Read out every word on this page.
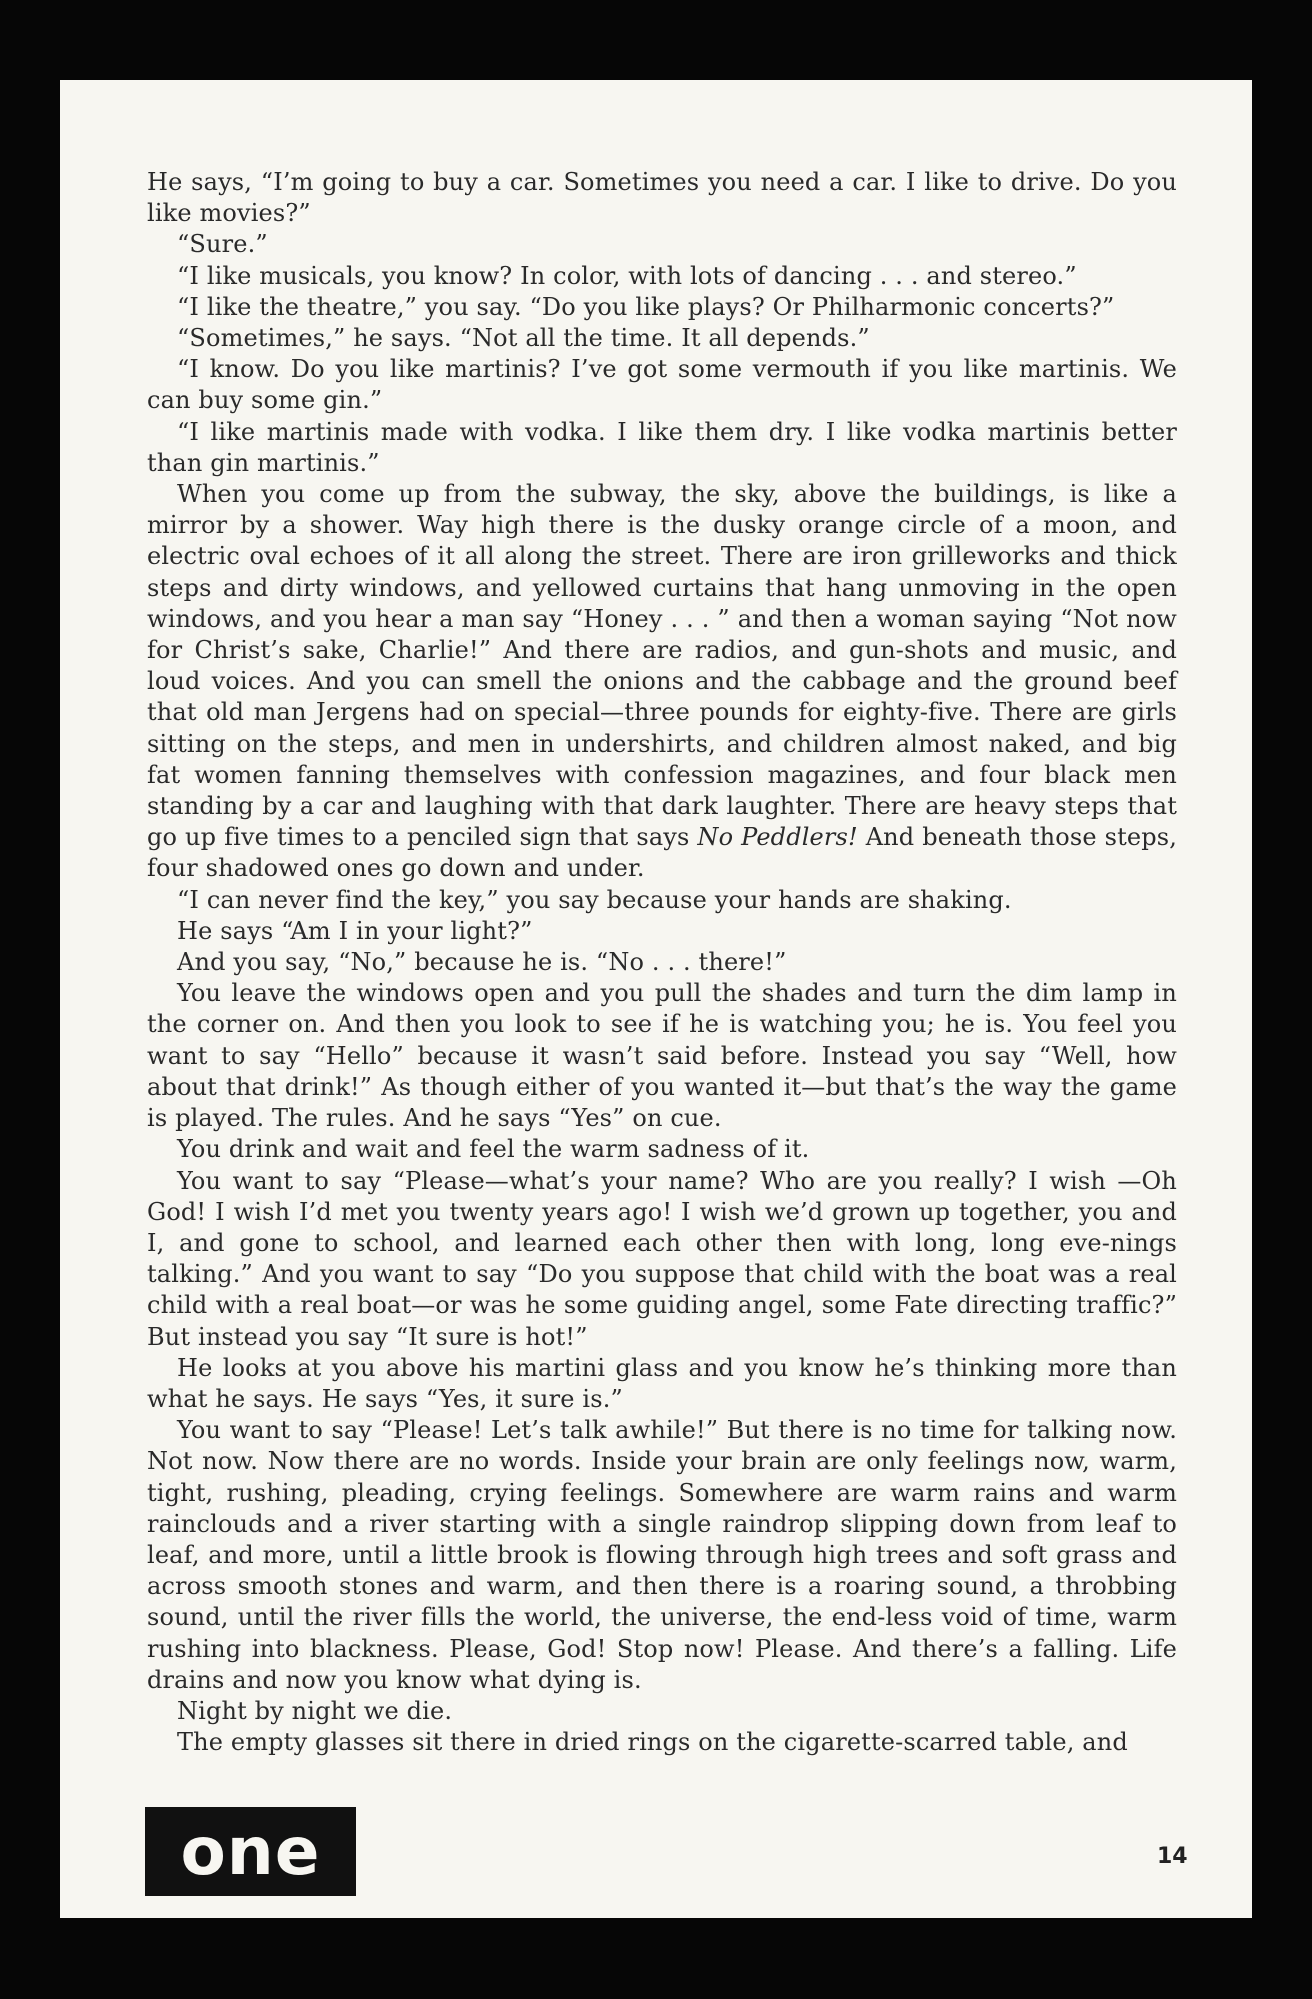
He says, “I’m going to buy a car. Sometimes you need a car. I like to drive. Do you like movies?”

“Sure.”

“I like musicals, you know? In color, with lots of dancing . . . and stereo.”

“I like the theatre,” you say. “Do you like plays? Or Philharmonic concerts?”

“Sometimes,” he says. “Not all the time. It all depends.”

“I know. Do you like martinis? I’ve got some vermouth if you like martinis. We can buy some gin.”

“I like martinis made with vodka. I like them dry. I like vodka martinis better than gin martinis.”

When you come up from the subway, the sky, above the buildings, is like a mirror by a shower. Way high there is the dusky orange circle of a moon, and electric oval echoes of it all along the street. There are iron grilleworks and thick steps and dirty windows, and yellowed curtains that hang unmoving in the open windows, and you hear a man say “Honey . . . ” and then a woman saying “Not now for Christ’s sake, Charlie!” And there are radios, and gun-shots and music, and loud voices. And you can smell the onions and the cabbage and the ground beef that old man Jergens had on special—three pounds for eighty-five. There are girls sitting on the steps, and men in undershirts, and children almost naked, and big fat women fanning themselves with confession magazines, and four black men standing by a car and laughing with that dark laughter. There are heavy steps that go up five times to a penciled sign that says No Peddlers! And beneath those steps, four shadowed ones go down and under.

“I can never find the key,” you say because your hands are shaking.

He says “Am I in your light?”

And you say, “No,” because he is. “No . . . there!”

You leave the windows open and you pull the shades and turn the dim lamp in the corner on. And then you look to see if he is watching you; he is. You feel you want to say “Hello” because it wasn’t said before. Instead you say “Well, how about that drink!” As though either of you wanted it—but that’s the way the game is played. The rules. And he says “Yes” on cue.

You drink and wait and feel the warm sadness of it.

You want to say “Please—what’s your name? Who are you really? I wish —Oh God! I wish I’d met you twenty years ago! I wish we’d grown up together, you and I, and gone to school, and learned each other then with long, long eve-nings talking.” And you want to say “Do you suppose that child with the boat was a real child with a real boat—or was he some guiding angel, some Fate directing traffic?” But instead you say “It sure is hot!”

He looks at you above his martini glass and you know he’s thinking more than what he says. He says “Yes, it sure is.”

You want to say “Please! Let’s talk awhile!” But there is no time for talking now. Not now. Now there are no words. Inside your brain are only feelings now, warm, tight, rushing, pleading, crying feelings. Somewhere are warm rains and warm rainclouds and a river starting with a single raindrop slipping down from leaf to leaf, and more, until a little brook is flowing through high trees and soft grass and across smooth stones and warm, and then there is a roaring sound, a throbbing sound, until the river fills the world, the universe, the end-less void of time, warm rushing into blackness. Please, God! Stop now! Please. And there’s a falling. Life drains and now you know what dying is.

Night by night we die.

The empty glasses sit there in dried rings on the cigarette-scarred table, and

one	14
